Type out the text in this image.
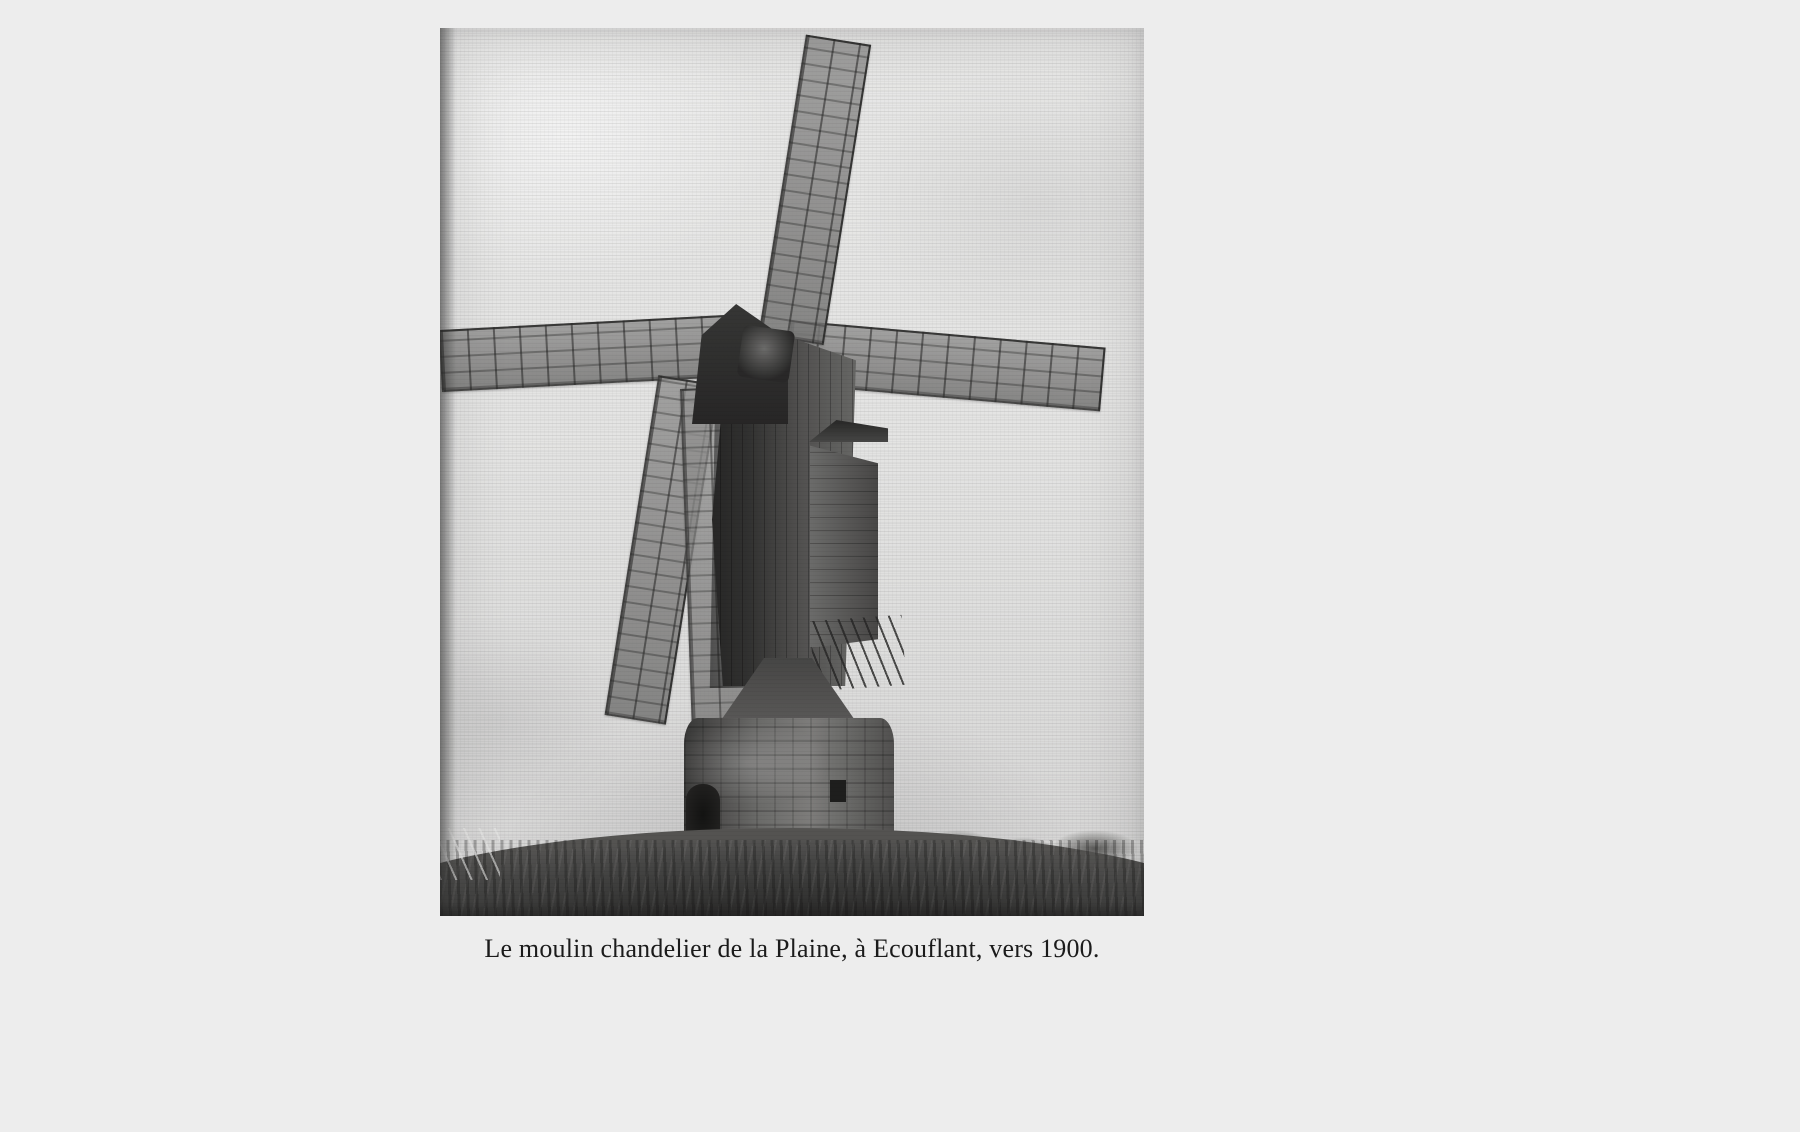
Le moulin chandelier de la Plaine, à Ecouflant, vers 1900.
